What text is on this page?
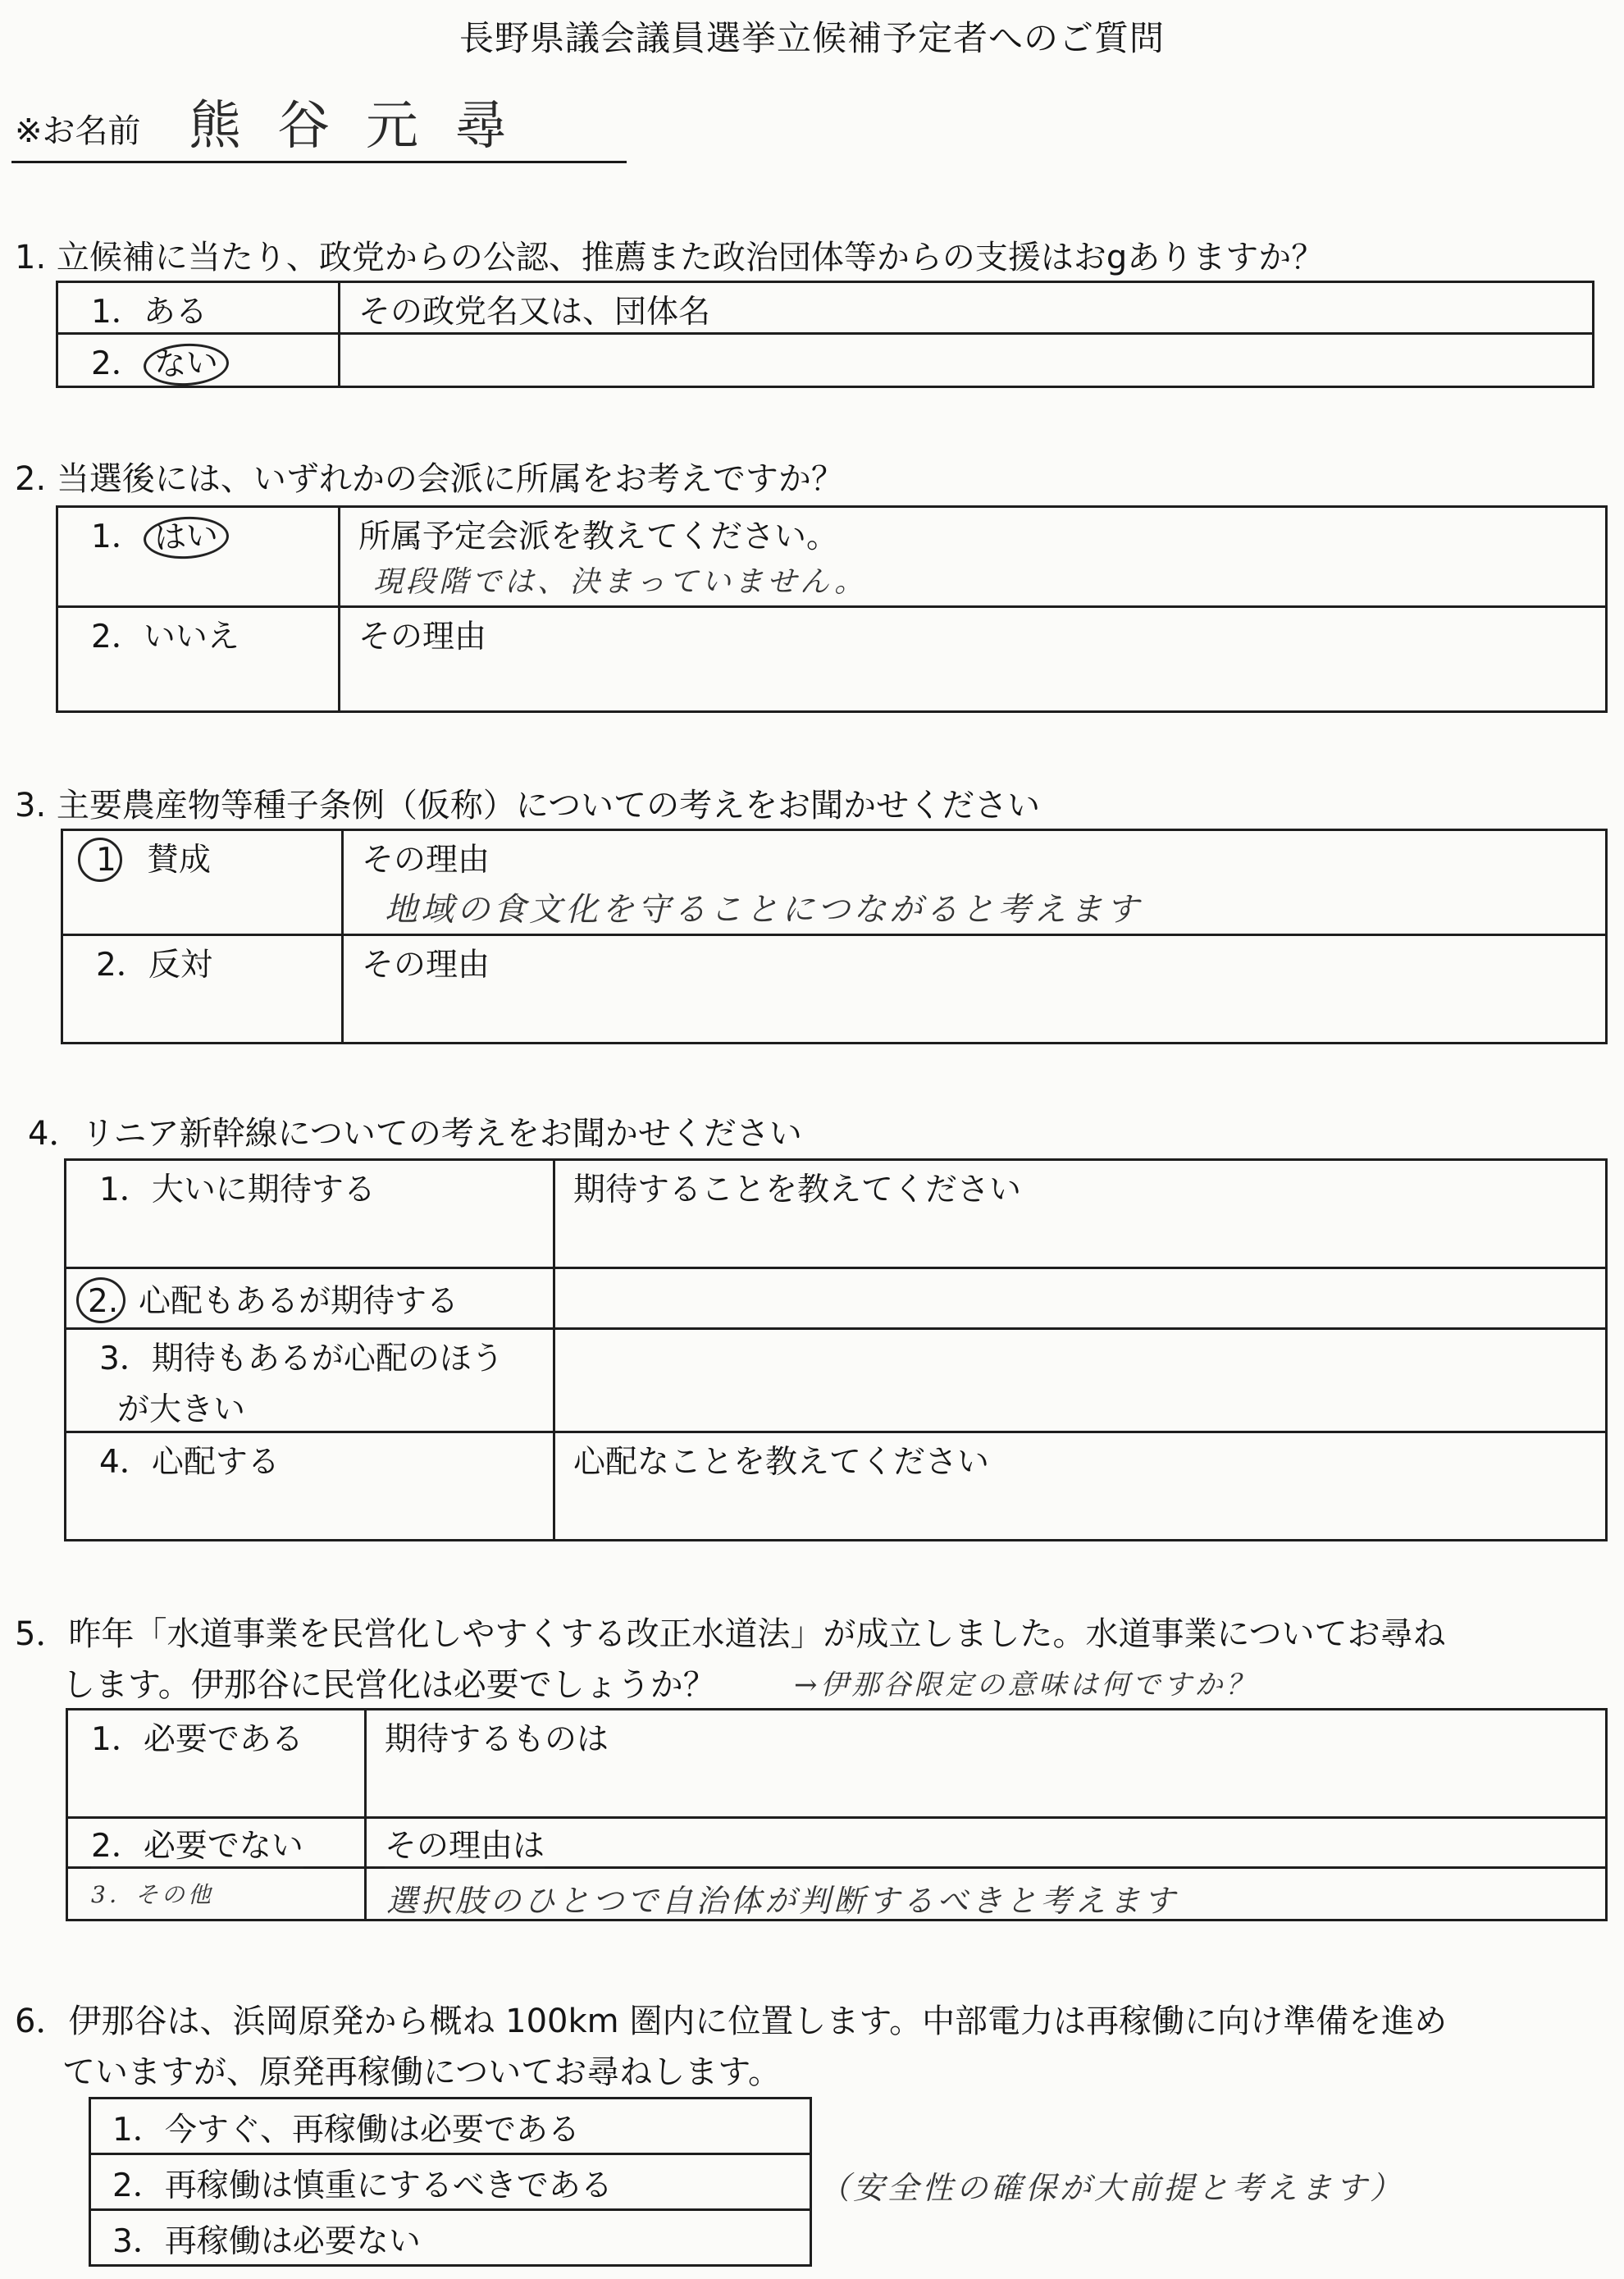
長野県議会議員選挙立候補予定者へのご質問
※お名前 熊谷元尋
1. 立候補に当たり、政党からの公認、推薦また政治団体等からの支援はおgありますか？
1．ある	その政党名又は、団体名

2． ない	

2. 当選後には、いずれかの会派に所属をお考えですか？
1． はい	所属予定会派を教えてください。
現段階では、決まっていません。

2．いいえ	その理由
3. 主要農産物等種子条例（仮称）についての考えをお聞かせください
1 賛成	その理由
地域の食文化を守ることにつながると考えます

2．反対	その理由
4．リニア新幹線についての考えをお聞かせください
1．大いに期待する	期待することを教えてください

2. 心配もあるが期待する	

3．期待もあるが心配のほう
が大きい	

4．心配する	心配なことを教えてください
5．昨年「水道事業を民営化しやすくする改正水道法」が成立しました。水道事業についてお尋ね
します。伊那谷に民営化は必要でしょうか？	→伊那谷限定の意味は何ですか？
1．必要である	期待するものは

2．必要でない	その理由は

3．その他	選択肢のひとつで自治体が判断するべきと考えます
6．伊那谷は、浜岡原発から概ね 100km 圏内に位置します。中部電力は再稼働に向け準備を進め
ていますが、原発再稼働についてお尋ねします。
1．今すぐ、再稼働は必要である

2．再稼働は慎重にするべきである

3．再稼働は必要ない
（安全性の確保が大前提と考えます）
